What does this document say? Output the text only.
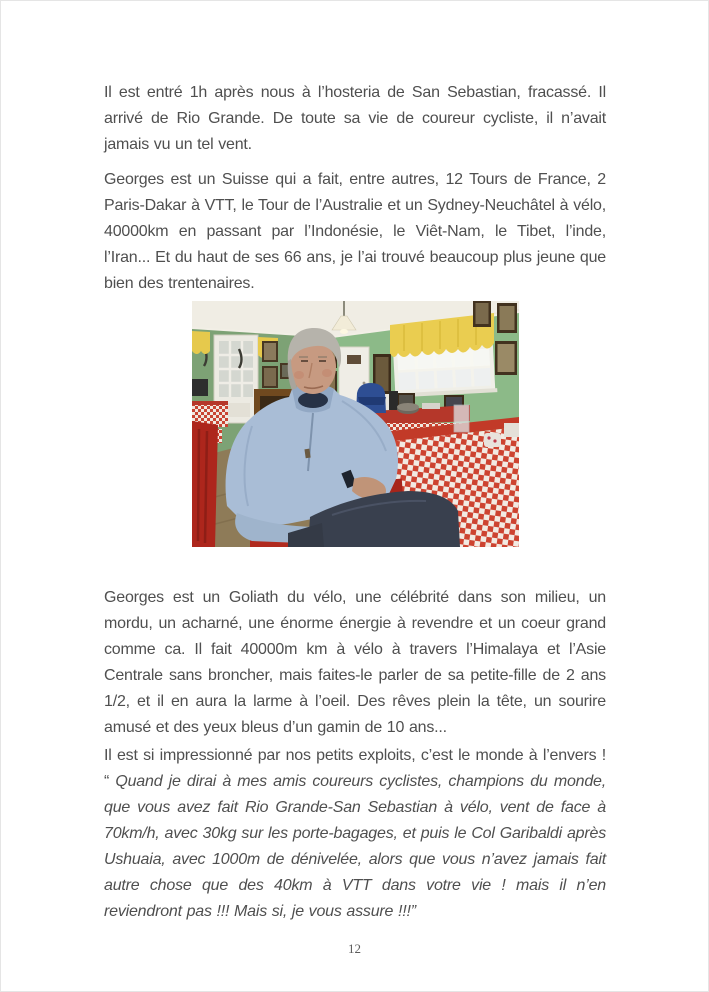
Il est entré 1h après nous à l’hosteria de San Sebastian, fracassé. Il arrivé de Rio Grande. De toute sa vie de coureur cycliste, il n’avait jamais vu un tel vent.

Georges est un Suisse qui a fait, entre autres, 12 Tours de France, 2 Paris-Dakar à VTT, le Tour de l’Australie et un Sydney-Neuchâtel à vélo, 40000km en passant par l’Indonésie, le Viêt-Nam, le Tibet, l’inde, l’Iran... Et du haut de ses 66 ans, je l’ai trouvé beaucoup plus jeune que bien des trentenaires.

Georges est un Goliath du vélo, une célébrité dans son milieu, un mordu, un acharné, une énorme énergie à revendre et un coeur grand comme ca. Il fait 40000m km à vélo à travers l’Himalaya et l’Asie Centrale sans broncher, mais faites-le parler de sa petite-fille de 2 ans 1/2, et il en aura la larme à l’oeil. Des rêves plein la tête, un sourire amusé et des yeux bleus d’un gamin de 10 ans...

Il est si impressionné par nos petits exploits, c’est le monde à l’envers ! “ Quand je dirai à mes amis coureurs cyclistes, champions du monde, que vous avez fait Rio Grande-San Sebastian à vélo, vent de face à 70km/h, avec 30kg sur les porte-bagages, et puis le Col Garibaldi après Ushuaia, avec 1000m de dénivelée, alors que vous n’avez jamais fait autre chose que des 40km à VTT dans votre vie ! mais il n’en reviendront pas !!! Mais si, je vous assure !!!”

12
